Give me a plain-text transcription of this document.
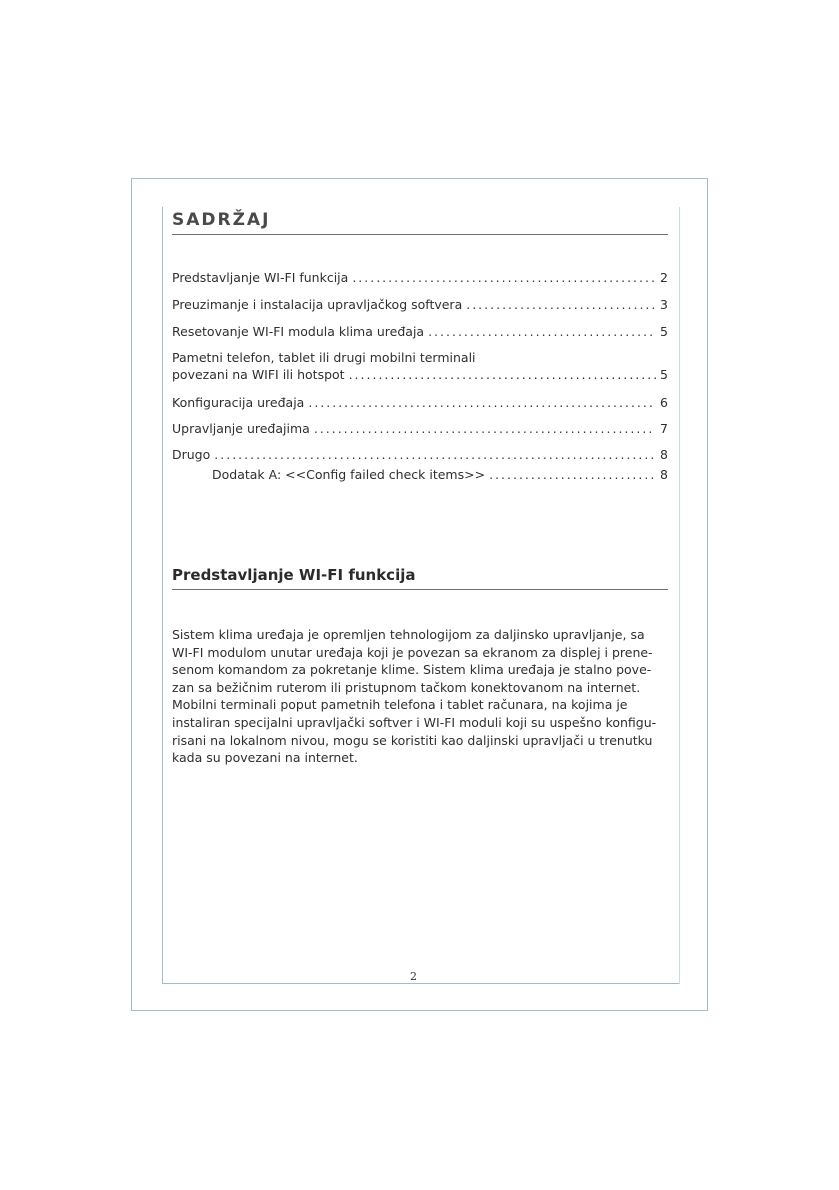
SADRŽAJ
Predstavljanje WI-FI funkcija .....	2
Preuzimanje i instalacija upravljačkog softvera .....	3
Resetovanje WI-FI modula klima uređaja .....	5
Pametni telefon, tablet ili drugi mobilni terminali
povezani na WIFI ili hotspot .....	5
Konfiguracija uređaja .....	6
Upravljanje uređajima .....	7
Drugo .....	8
Dodatak A: <<Config failed check items>> .....	8
Predstavljanje WI-FI funkcija
Sistem klima uređaja je opremljen tehnologijom za daljinsko upravljanje, sa
WI-FI modulom unutar uređaja koji je povezan sa ekranom za displej i prene-
senom komandom za pokretanje klime. Sistem klima uređaja je stalno pove-
zan sa bežičnim ruterom ili pristupnom tačkom konektovanom na internet.
Mobilni terminali poput pametnih telefona i tablet računara, na kojima je
instaliran specijalni upravljački softver i WI-FI moduli koji su uspešno konfigu-
risani na lokalnom nivou, mogu se koristiti kao daljinski upravljači u trenutku
kada su povezani na internet.
2
